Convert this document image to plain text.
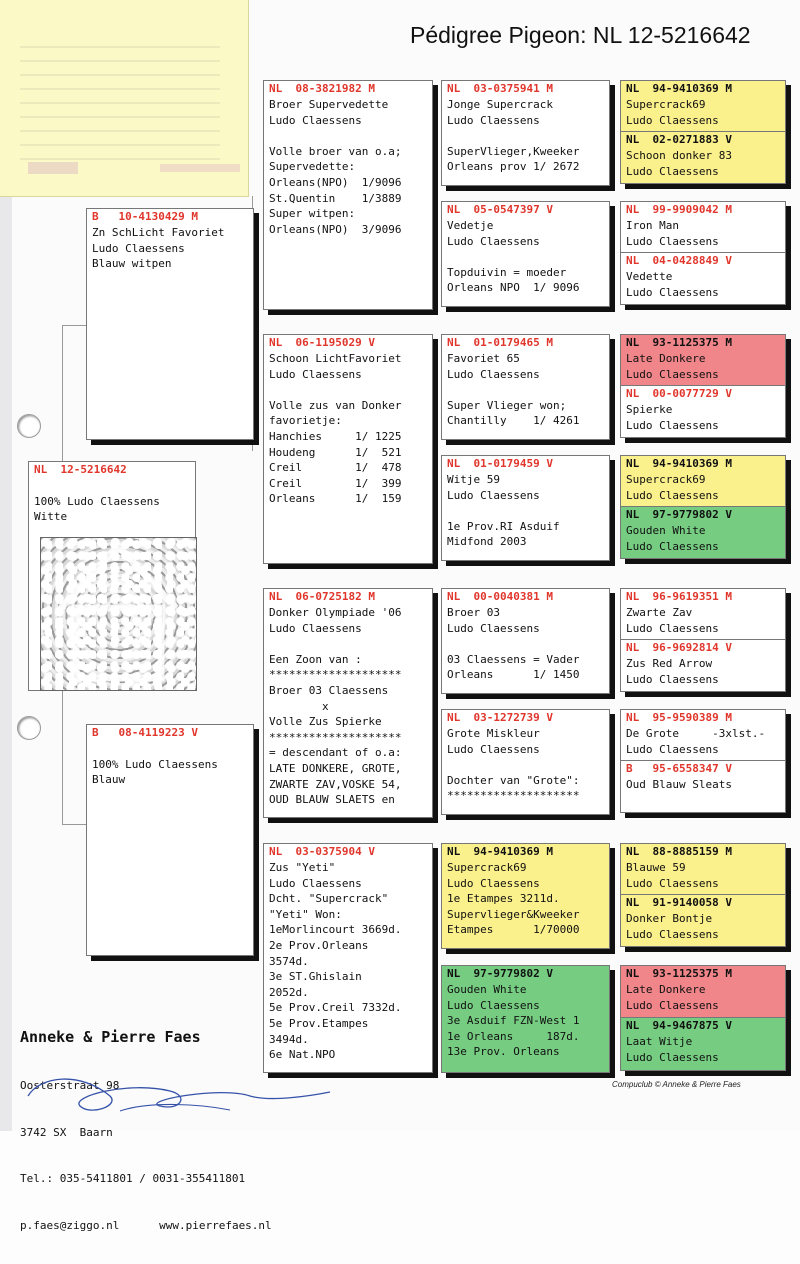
Pédigree Pigeon: NL 12-5216642
NL 12-5216642

100% Ludo Claessens
Witte
B 10-4130429 M
Zn SchLicht Favoriet
Ludo Claessens
Blauw witpen
B 08-4119223 V

100% Ludo Claessens
Blauw
NL 08-3821982 M
Broer Supervedette
Ludo Claessens

Volle broer van o.a;
Supervedette:
Orleans(NPO)  1/9096
St.Quentin    1/3889
Super witpen:
Orleans(NPO)  3/9096
NL 06-1195029 V
Schoon LichtFavoriet
Ludo Claessens

Volle zus van Donker
favorietje:
Hanchies     1/ 1225
Houdeng      1/  521
Creil        1/  478
Creil        1/  399
Orleans      1/  159
NL 06-0725182 M
Donker Olympiade '06
Ludo Claessens

Een Zoon van :
********************
Broer 03 Claessens
x
Volle Zus Spierke
********************
= descendant of o.a:
LATE DONKERE, GROTE,
ZWARTE ZAV,VOSKE 54,
OUD BLAUW SLAETS en
NL 03-0375904 V
Zus "Yeti"
Ludo Claessens
Dcht. "Supercrack"
"Yeti" Won:
1eMorlincourt 3669d.
2e Prov.Orleans
3574d.
3e ST.Ghislain
2052d.
5e Prov.Creil 7332d.
5e Prov.Etampes
3494d.
6e Nat.NPO
NL 03-0375941 M
Jonge Supercrack
Ludo Claessens

SuperVlieger,Kweeker
Orleans prov 1/ 2672
NL 05-0547397 V
Vedetje
Ludo Claessens

Topduivin = moeder
Orleans NPO  1/ 9096
NL 01-0179465 M
Favoriet 65
Ludo Claessens

Super Vlieger won;
Chantilly    1/ 4261
NL 01-0179459 V
Witje 59
Ludo Claessens

1e Prov.RI Asduif
Midfond 2003
NL 00-0040381 M
Broer 03
Ludo Claessens

03 Claessens = Vader
Orleans      1/ 1450
NL 03-1272739 V
Grote Miskleur
Ludo Claessens

Dochter van "Grote":
********************
NL 94-9410369 M
Supercrack69
Ludo Claessens
1e Etampes 3211d.
Supervlieger&Kweeker
Etampes      1/70000
NL 97-9779802 V
Gouden White
Ludo Claessens
3e Asduif FZN-West 1
1e Orleans     187d.
13e Prov. Orleans
NL 94-9410369 M
Supercrack69
Ludo Claessens
NL 02-0271883 V
Schoon donker 83
Ludo Claessens
NL 99-9909042 M
Iron Man
Ludo Claessens
NL 04-0428849 V
Vedette
Ludo Claessens
NL 93-1125375 M
Late Donkere
Ludo Claessens
NL 00-0077729 V
Spierke
Ludo Claessens
NL 94-9410369 M
Supercrack69
Ludo Claessens
NL 97-9779802 V
Gouden White
Ludo Claessens
NL 96-9619351 M
Zwarte Zav
Ludo Claessens
NL 96-9692814 V
Zus Red Arrow
Ludo Claessens
NL 95-9590389 M
De Grote     -3xlst.-
Ludo Claessens
B 95-6558347 V
Oud Blauw Sleats
NL 88-8885159 M
Blauwe 59
Ludo Claessens
NL 91-9140058 V
Donker Bontje
Ludo Claessens
NL 93-1125375 M
Late Donkere
Ludo Claessens
NL 94-9467875 V
Laat Witje
Ludo Claessens

Anneke & Pierre Faes

Oosterstraat 98

3742 SX  Baarn

Tel.: 035-5411801 / 0031-355411801

p.faes@ziggo.nl	www.pierrefaes.nl

Compuclub © Anneke & Pierre Faes
